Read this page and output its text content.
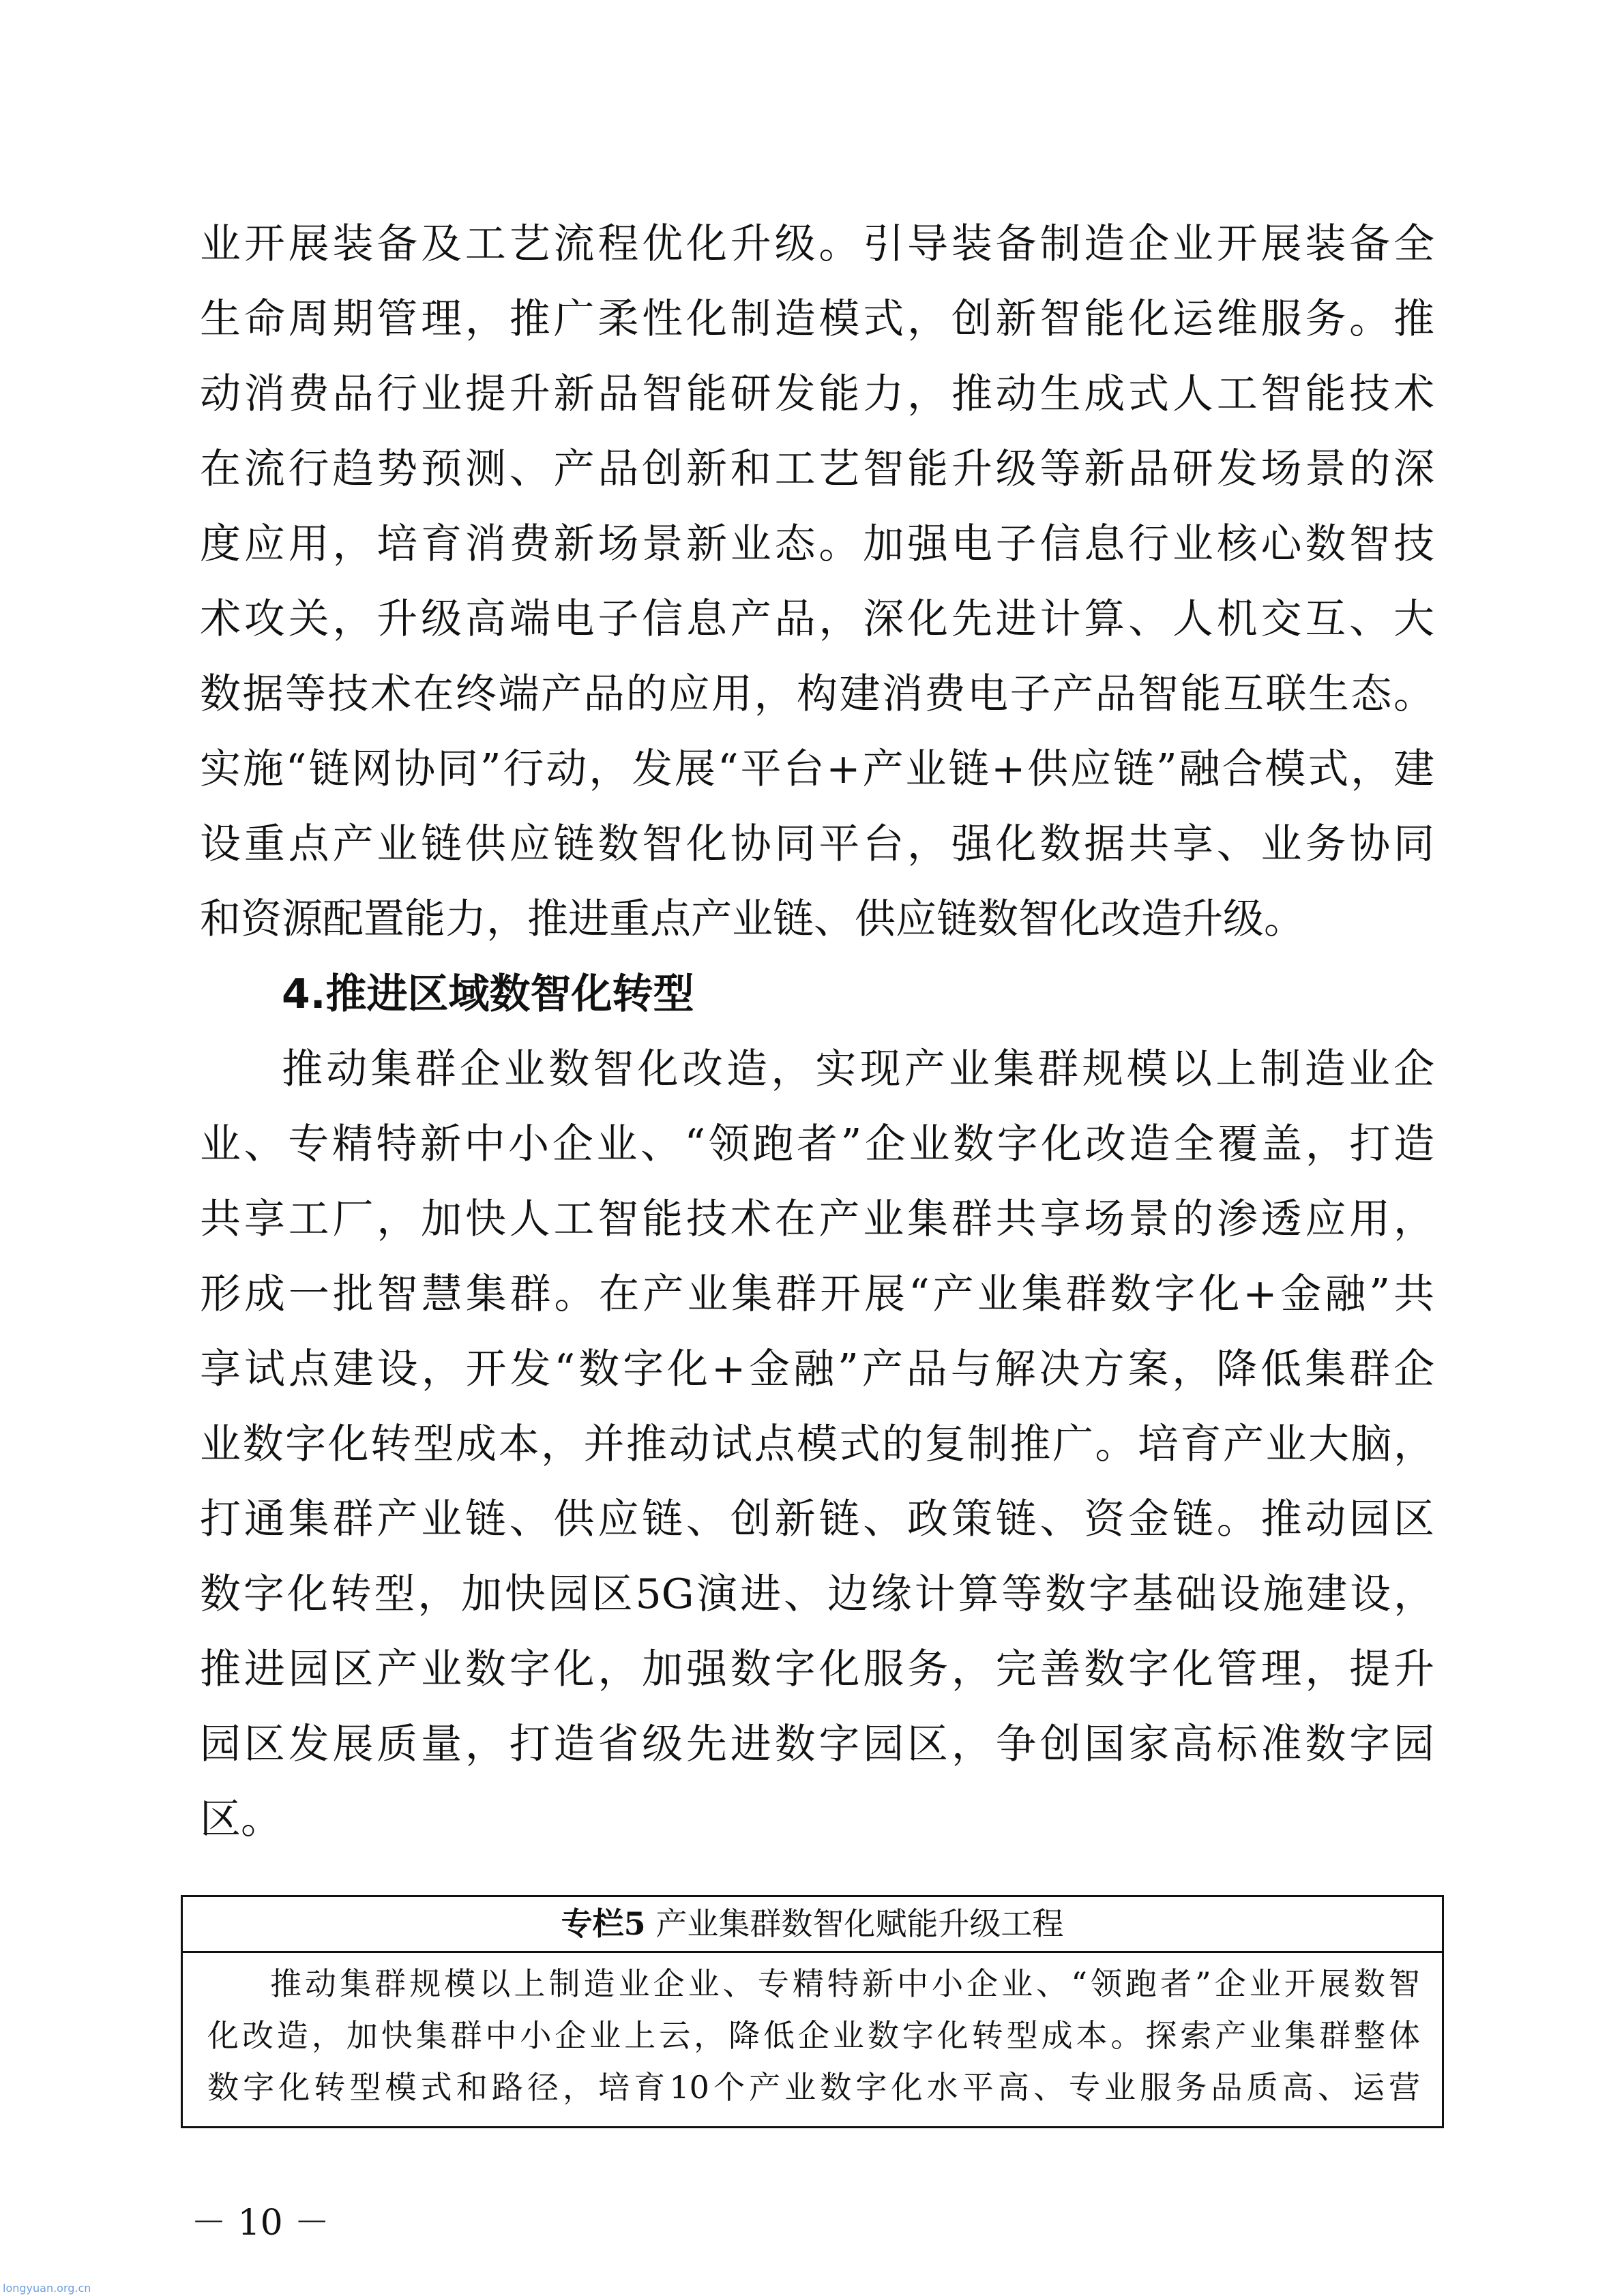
业开展装备及工艺流程优化升级。引导装备制造企业开展装备全
生命周期管理，推广柔性化制造模式，创新智能化运维服务。推
动消费品行业提升新品智能研发能力，推动生成式人工智能技术
在流行趋势预测、产品创新和工艺智能升级等新品研发场景的深
度应用，培育消费新场景新业态。加强电子信息行业核心数智技
术攻关，升级高端电子信息产品，深化先进计算、人机交互、大
数据等技术在终端产品的应用，构建消费电子产品智能互联生态。
实施“链网协同”行动，发展“平台+产业链+供应链”融合模式，建
设重点产业链供应链数智化协同平台，强化数据共享、业务协同
和资源配置能力，推进重点产业链、供应链数智化改造升级。
4.推进区域数智化转型
推动集群企业数智化改造，实现产业集群规模以上制造业企
业、专精特新中小企业、“领跑者”企业数字化改造全覆盖，打造
共享工厂，加快人工智能技术在产业集群共享场景的渗透应用，
形成一批智慧集群。在产业集群开展“产业集群数字化+金融”共
享试点建设，开发“数字化+金融”产品与解决方案，降低集群企
业数字化转型成本，并推动试点模式的复制推广。培育产业大脑，
打通集群产业链、供应链、创新链、政策链、资金链。推动园区
数字化转型，加快园区5G演进、边缘计算等数字基础设施建设，
推进园区产业数字化，加强数字化服务，完善数字化管理，提升
园区发展质量，打造省级先进数字园区，争创国家高标准数字园
区。
专栏5 产业集群数智化赋能升级工程
推动集群规模以上制造业企业、专精特新中小企业、“领跑者”企业开展数智
化改造，加快集群中小企业上云，降低企业数字化转型成本。探索产业集群整体
数字化转型模式和路径，培育10个产业数字化水平高、专业服务品质高、运营
－ 10 －
longyuan.org.cn
